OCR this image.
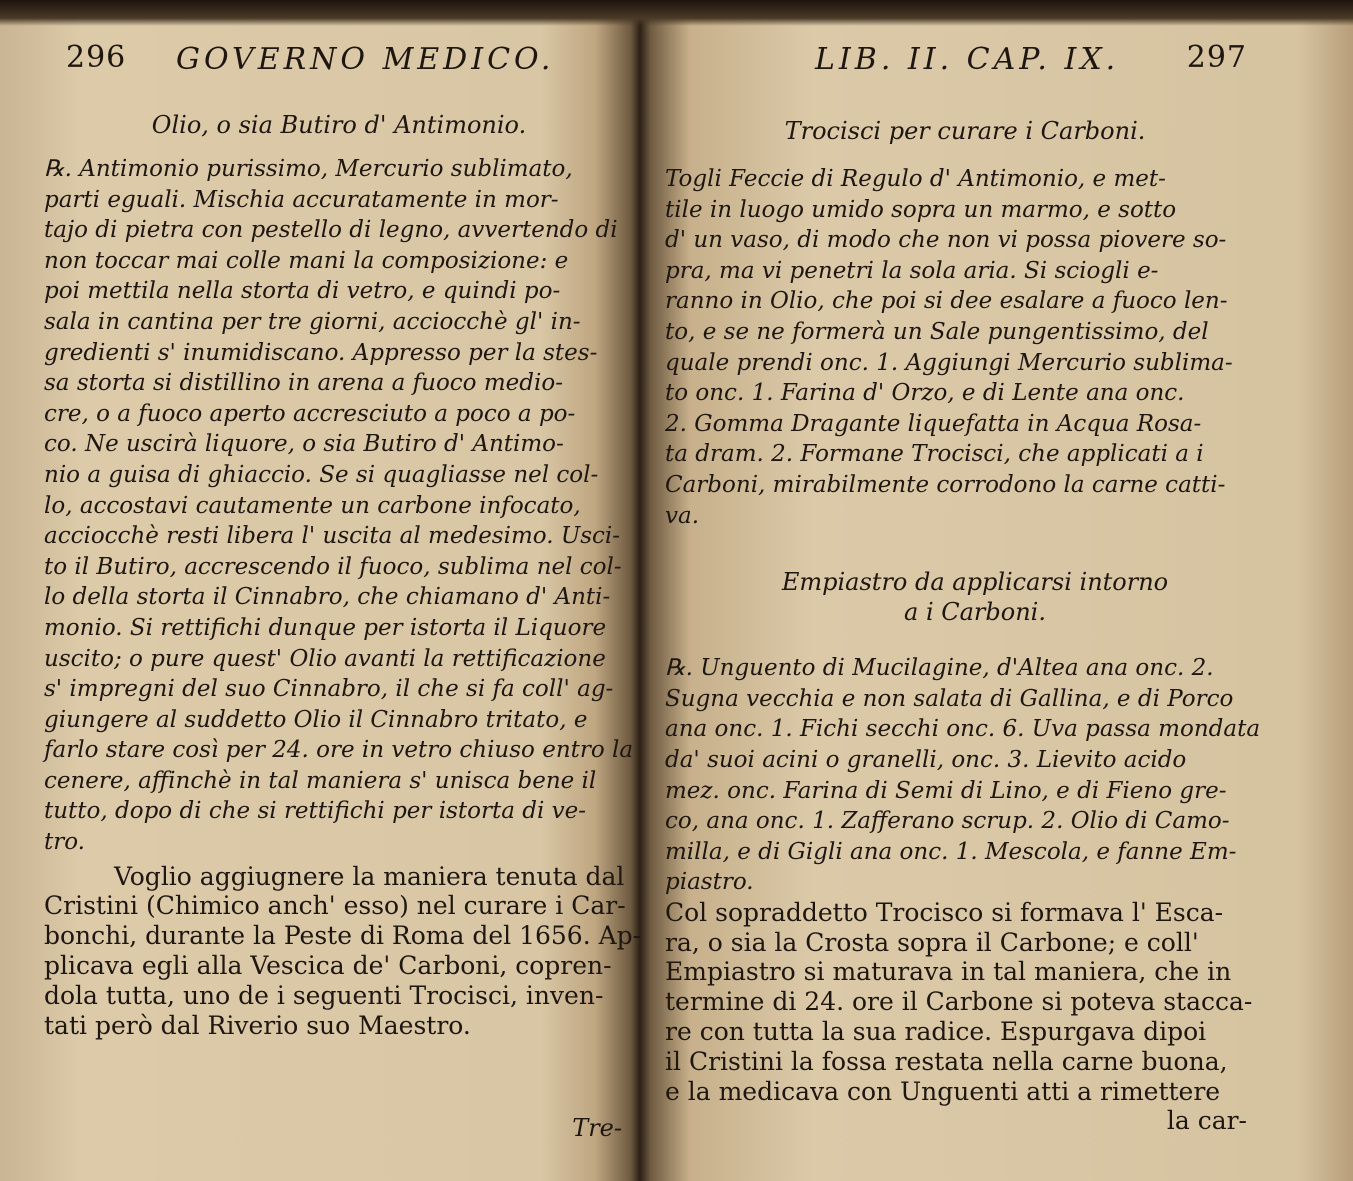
296 GOVERNO MEDICO.

Olio, o sia Butiro d' Antimonio.

℞. Antimonio purissimo, Mercurio sublimato,
parti eguali. Mischia accuratamente in mor-
tajo di pietra con pestello di legno, avvertendo di
non toccar mai colle mani la composizione: e
poi mettila nella storta di vetro, e quindi po-
sala in cantina per tre giorni, acciocchè gl' in-
gredienti s' inumidiscano. Appresso per la stes-
sa storta si distillino in arena a fuoco medio-
cre, o a fuoco aperto accresciuto a poco a po-
co. Ne uscirà liquore, o sia Butiro d' Antimo-
nio a guisa di ghiaccio. Se si quagliasse nel col-
lo, accostavi cautamente un carbone infocato,
acciocchè resti libera l' uscita al medesimo. Usci-
to il Butiro, accrescendo il fuoco, sublima nel col-
lo della storta il Cinnabro, che chiamano d' Anti-
monio. Si rettifichi dunque per istorta il Liquore
uscito; o pure quest' Olio avanti la rettificazione
s' impregni del suo Cinnabro, il che si fa coll' ag-
giungere al suddetto Olio il Cinnabro tritato, e
farlo stare così per 24. ore in vetro chiuso entro la
cenere, affinchè in tal maniera s' unisca bene il
tutto, dopo di che si rettifichi per istorta di ve-
tro.
Voglio aggiugnere la maniera tenuta dal
Cristini (Chimico anch' esso) nel curare i Car-
bonchi, durante la Peste di Roma del 1656. Ap-
plicava egli alla Vescica de' Carboni, copren-
dola tutta, uno de i seguenti Trocisci, inven-
tati però dal Riverio suo Maestro.
Tre-
LIB. II. CAP. IX. 297

Trocisci per curare i Carboni.

Togli Feccie di Regulo d' Antimonio, e met-
tile in luogo umido sopra un marmo, e sotto
d' un vaso, di modo che non vi possa piovere so-
pra, ma vi penetri la sola aria. Si sciogli e-
ranno in Olio, che poi si dee esalare a fuoco len-
to, e se ne formerà un Sale pungentissimo, del
quale prendi onc. 1. Aggiungi Mercurio sublima-
to onc. 1. Farina d' Orzo, e di Lente ana onc.
2. Gomma Dragante liquefatta in Acqua Rosa-
ta dram. 2. Formane Trocisci, che applicati a i
Carboni, mirabilmente corrodono la carne catti-
va.

Empiastro da applicarsi intorno

a i Carboni.

℞. Unguento di Mucilagine, d'Altea ana onc. 2.
Sugna vecchia e non salata di Gallina, e di Porco
ana onc. 1. Fichi secchi onc. 6. Uva passa mondata
da' suoi acini o granelli, onc. 3. Lievito acido
mez. onc. Farina di Semi di Lino, e di Fieno gre-
co, ana onc. 1. Zafferano scrup. 2. Olio di Camo-
milla, e di Gigli ana onc. 1. Mescola, e fanne Em-
piastro.
Col sopraddetto Trocisco si formava l' Esca-
ra, o sia la Crosta sopra il Carbone; e coll'
Empiastro si maturava in tal maniera, che in
termine di 24. ore il Carbone si poteva stacca-
re con tutta la sua radice. Espurgava dipoi
il Cristini la fossa restata nella carne buona,
e la medicava con Unguenti atti a rimettere
la car-
